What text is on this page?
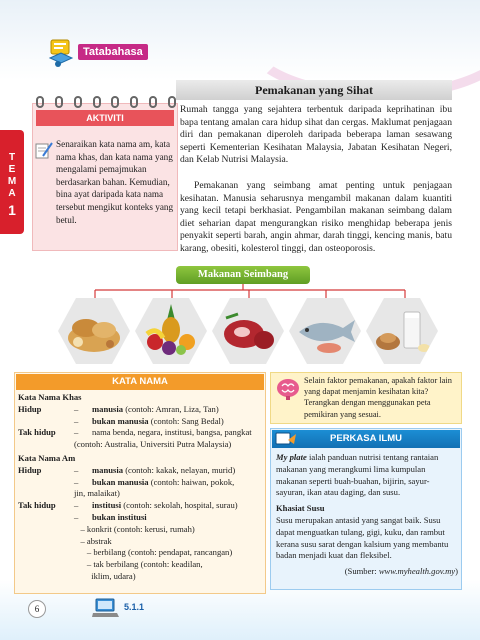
Tatabahasa
T
E
M
A
1
Pemakanan yang Sihat
AKTIVITI
Senaraikan kata nama am, kata nama khas, dan kata nama yang mengalami pemajmukan berdasarkan bahan. Kemudian, bina ayat daripada kata nama tersebut mengikut konteks yang betul.

Rumah tangga yang sejahtera terbentuk daripada keprihatinan ibu bapa tentang amalan cara hidup sihat dan cergas. Maklumat penjagaan diri dan pemakanan diperoleh daripada beberapa laman sesawang seperti Kementerian Kesihatan Malaysia, Jabatan Kesihatan Negeri, dan Kelab Nutrisi Malaysia.

Pemakanan yang seimbang amat penting untuk penjagaan kesihatan. Manusia seharusnya mengambil makanan dalam kuantiti yang kecil tetapi berkhasiat. Pengambilan makanan seimbang dalam diet seharian dapat mengurangkan risiko menghidap beberapa jenis penyakit seperti barah, angin ahmar, darah tinggi, kencing manis, batu karang, obesiti, kolesterol tinggi, dan osteoporosis.

Makanan Seimbang
KATA NAMA
Kata Nama Khas
Hidup	– manusia (contoh: Amran, Liza, Tan)
– bukan manusia (contoh: Sang Bedal)
Tak hidup – nama benda, negara, institusi, bangsa, pangkat
(contoh: Australia, Universiti Putra Malaysia)
Kata Nama Am
Hidup	– manusia (contoh: kakak, nelayan, murid)
– bukan manusia (contoh: haiwan, pokok,
jin, malaikat)
Tak hidup – institusi (contoh: sekolah, hospital, surau)
– bukan institusi
– konkrit (contoh: kerusi, rumah)
– abstrak
– berbilang (contoh: pendapat, rancangan)
– tak berbilang (contoh: keadilan,
iklim, udara)
Selain faktor pemakanan, apakah faktor lain yang dapat menjamin kesihatan kita? Terangkan dengan menggunakan peta pemikiran yang sesuai.
PERKASA ILMU

My plate ialah panduan nutrisi tentang rantaian makanan yang merangkumi lima kumpulan makanan seperti buah-buahan, bijirin, sayur-sayuran, ikan atau daging, dan susu.

Khasiat Susu

Susu merupakan antasid yang sangat baik. Susu dapat menguatkan tulang, gigi, kuku, dan rambut kerana susu sarat dengan kalsium yang membantu badan menjadi kuat dan fleksibel.

(Sumber: www.myhealth.gov.my)

6	5.1.1
